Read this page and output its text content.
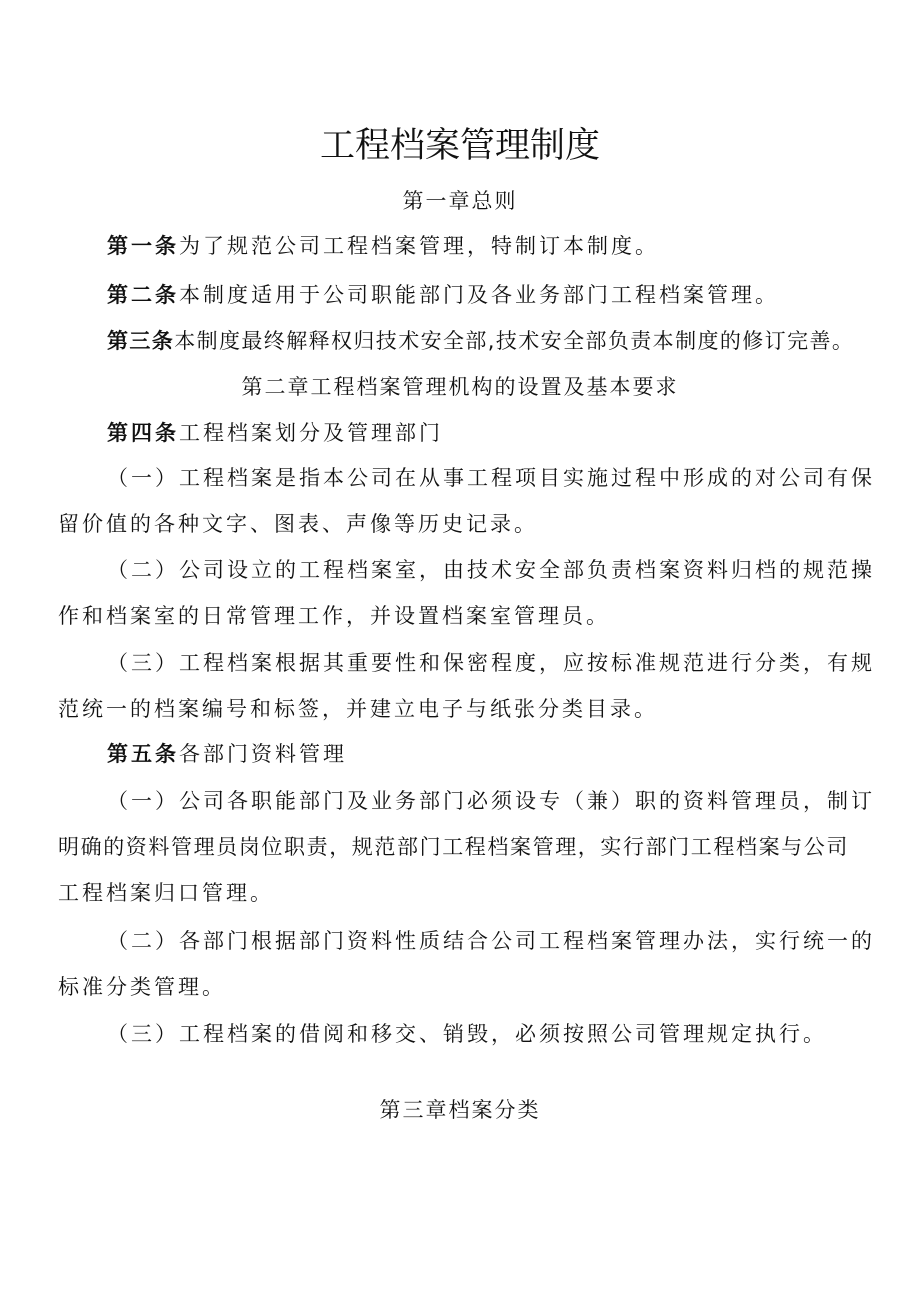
工程档案管理制度

第一章总则

第一条为了规范公司工程档案管理，特制订本制度。

第二条本制度适用于公司职能部门及各业务部门工程档案管理。

第三条本制度最终解释权归技术安全部,技术安全部负责本制度的修订完善。

第二章工程档案管理机构的设置及基本要求

第四条工程档案划分及管理部门

（一）工程档案是指本公司在从事工程项目实施过程中形成的对公司有保

留价值的各种文字、图表、声像等历史记录。

（二）公司设立的工程档案室，由技术安全部负责档案资料归档的规范操

作和档案室的日常管理工作，并设置档案室管理员。

（三）工程档案根据其重要性和保密程度，应按标准规范进行分类，有规

范统一的档案编号和标签，并建立电子与纸张分类目录。

第五条各部门资料管理

（一）公司各职能部门及业务部门必须设专（兼）职的资料管理员，制订

明确的资料管理员岗位职责，规范部门工程档案管理，实行部门工程档案与公司

工程档案归口管理。

（二）各部门根据部门资料性质结合公司工程档案管理办法，实行统一的

标准分类管理。

（三）工程档案的借阅和移交、销毁，必须按照公司管理规定执行。

第三章档案分类
